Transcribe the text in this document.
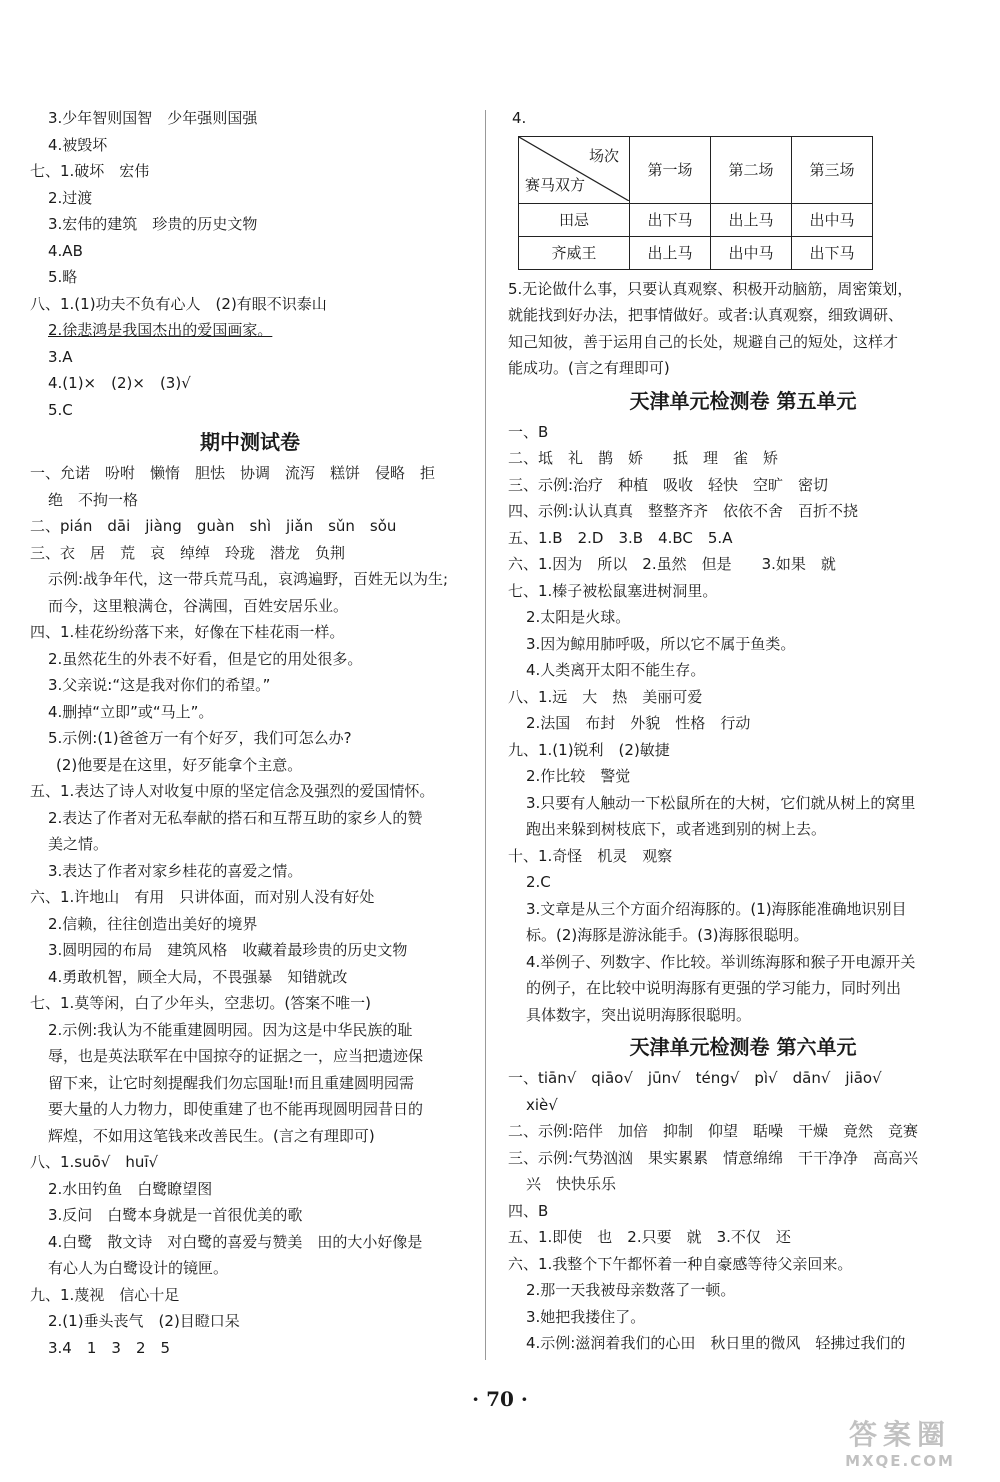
3.少年智则国智　少年强则国强
4.被毁坏
七、1.破坏　宏伟
2.过渡
3.宏伟的建筑　珍贵的历史文物
4.AB
5.略
八、1.(1)功夫不负有心人　(2)有眼不识泰山
2.徐悲鸿是我国杰出的爱国画家。
3.A
4.(1)×　(2)×　(3)√
5.C
期中测试卷
一、允诺　吩咐　懒惰　胆怯　协调　流泻　糕饼　侵略　拒
绝　不拘一格
二、pián　dāi　jiàng　guàn　shì　jiǎn　sǔn　sǒu
三、衣　居　荒　哀　绰绰　玲珑　潜龙　负荆
示例:战争年代，这一带兵荒马乱，哀鸿遍野，百姓无以为生;
而今，这里粮满仓，谷满囤，百姓安居乐业。
四、1.桂花纷纷落下来，好像在下桂花雨一样。
2.虽然花生的外表不好看，但是它的用处很多。
3.父亲说:“这是我对你们的希望。”
4.删掉“立即”或“马上”。
5.示例:(1)爸爸万一有个好歹，我们可怎么办?
(2)他要是在这里，好歹能拿个主意。
五、1.表达了诗人对收复中原的坚定信念及强烈的爱国情怀。
2.表达了作者对无私奉献的搭石和互帮互助的家乡人的赞
美之情。
3.表达了作者对家乡桂花的喜爱之情。
六、1.许地山　有用　只讲体面，而对别人没有好处
2.信赖，往往创造出美好的境界
3.圆明园的布局　建筑风格　收藏着最珍贵的历史文物
4.勇敢机智，顾全大局，不畏强暴　知错就改
七、1.莫等闲，白了少年头，空悲切。(答案不唯一)
2.示例:我认为不能重建圆明园。因为这是中华民族的耻
辱，也是英法联军在中国掠夺的证据之一，应当把遗迹保
留下来，让它时刻提醒我们勿忘国耻!而且重建圆明园需
要大量的人力物力，即使重建了也不能再现圆明园昔日的
辉煌，不如用这笔钱来改善民生。(言之有理即可)
八、1.suō√　huī√
2.水田钓鱼　白鹭瞭望图
3.反问　白鹭本身就是一首很优美的歌
4.白鹭　散文诗　对白鹭的喜爱与赞美　田的大小好像是
有心人为白鹭设计的镜匣。
九、1.蔑视　信心十足
2.(1)垂头丧气　(2)目瞪口呆
3.4　1　3　2　5
4.
场次
赛马双方	第一场	第二场	第三场
田忌	出下马	出上马	出中马
齐威王	出上马	出中马	出下马
5.无论做什么事，只要认真观察、积极开动脑筋，周密策划，
就能找到好办法，把事情做好。或者:认真观察，细致调研、
知己知彼，善于运用自己的长处，规避自己的短处，这样才
能成功。(言之有理即可)
天津单元检测卷 第五单元
一、B
二、坻　礼　鹊　娇　　抵　理　雀　矫
三、示例:治疗　种植　吸收　轻快　空旷　密切
四、示例:认认真真　整整齐齐　依依不舍　百折不挠
五、1.B　2.D　3.B　4.BC　5.A
六、1.因为　所以　2.虽然　但是　　3.如果　就
七、1.榛子被松鼠塞进树洞里。
2.太阳是火球。
3.因为鲸用肺呼吸，所以它不属于鱼类。
4.人类离开太阳不能生存。
八、1.远　大　热　美丽可爱
2.法国　布封　外貌　性格　行动
九、1.(1)锐利　(2)敏捷
2.作比较　警觉
3.只要有人触动一下松鼠所在的大树，它们就从树上的窝里
跑出来躲到树枝底下，或者逃到别的树上去。
十、1.奇怪　机灵　观察
2.C
3.文章是从三个方面介绍海豚的。(1)海豚能准确地识别目
标。(2)海豚是游泳能手。(3)海豚很聪明。
4.举例子、列数字、作比较。举训练海豚和猴子开电源开关
的例子，在比较中说明海豚有更强的学习能力，同时列出
具体数字，突出说明海豚很聪明。
天津单元检测卷 第六单元
一、tiān√　qiāo√　jūn√　téng√　pì√　dān√　jiāo√
xiè√
二、示例:陪伴　加倍　抑制　仰望　聒噪　干燥　竟然　竞赛
三、示例:气势汹汹　果实累累　情意绵绵　干干净净　高高兴
兴　快快乐乐
四、B
五、1.即使　也　2.只要　就　3.不仅　还
六、1.我整个下午都怀着一种自豪感等待父亲回来。
2.那一天我被母亲数落了一顿。
3.她把我搂住了。
4.示例:滋润着我们的心田　秋日里的微风　轻拂过我们的
· 70 ·
答案圈
MXQE.COM
